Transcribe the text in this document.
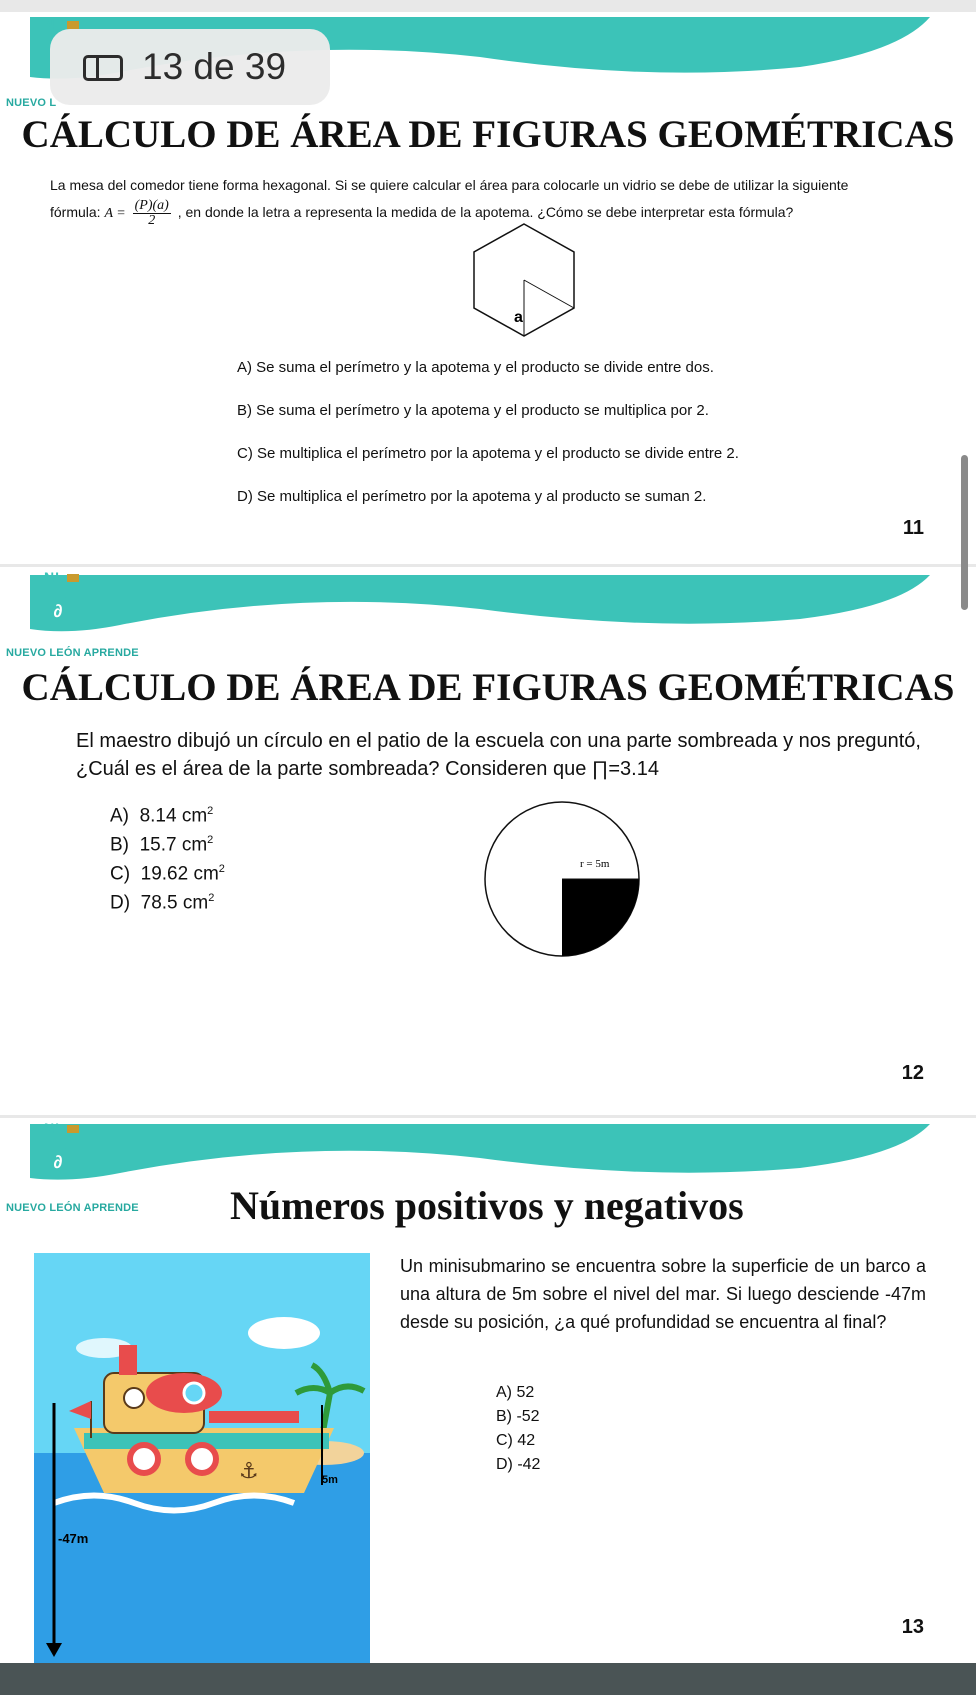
NL
NUEVO L
CÁLCULO DE ÁREA DE FIGURAS GEOMÉTRICAS
La mesa del comedor tiene forma hexagonal. Si se quiere calcular el área para colocarle un vidrio se debe de utilizar la siguiente fórmula: $A = \frac{(P)(a)}{2}$ , en donde la letra a representa la medida de la apotema. ¿Cómo se debe interpretar esta fórmula?
a
A) Se suma el perímetro y la apotema y el producto se divide entre dos.
B) Se suma el perímetro y la apotema y el producto se multiplica por 2.
C) Se multiplica el perímetro por la apotema y el producto se divide entre 2.
D) Se multiplica el perímetro por la apotema y al producto se suman 2.
11
13 de 39
NL
∂
NUEVO LEÓN APRENDE
CÁLCULO DE ÁREA DE FIGURAS GEOMÉTRICAS
El maestro dibujó un círculo en el patio de la escuela con una parte sombreada y nos preguntó, ¿Cuál es el área de la parte sombreada? Consideren que ∏=3.14
A) 8.14 $cm^2$
B) 15.7 $cm^2$
C) 19.62 $cm^2$
D) 78.5 $cm^2$
r = 5m
12
NL
∂
NUEVO LEÓN APRENDE Números positivos y negativos
⚓	5m
-47m
Un minisubmarino se encuentra sobre la superficie de un barco a una altura de 5m sobre el nivel del mar. Si luego desciende -47m desde su posición, ¿a qué profundidad se encuentra al final?
A) 52
B) -52
C) 42
D) -42
13
